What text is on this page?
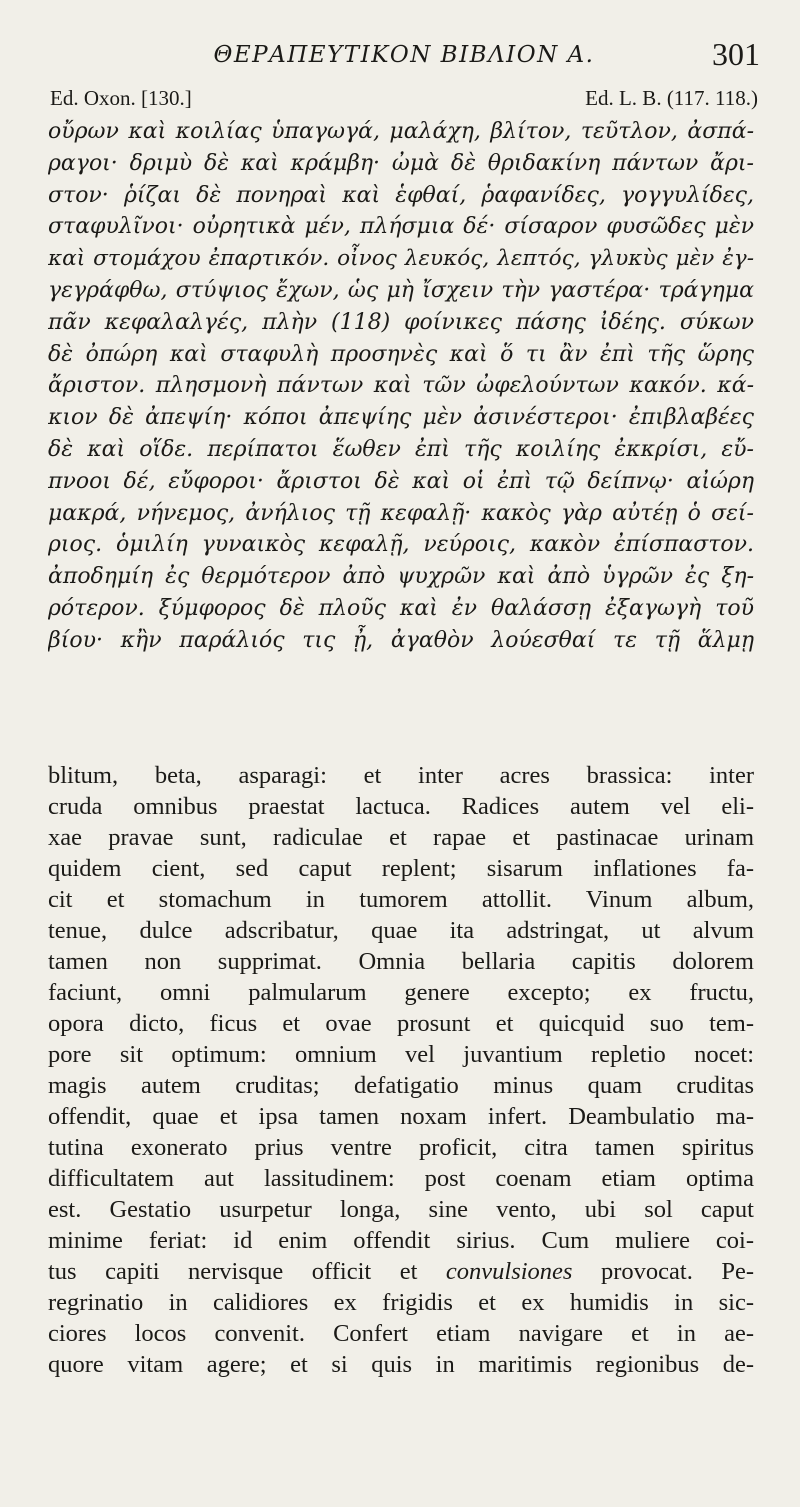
ΘΕΡΑΠΕΥΤΙΚΟΝ ΒΙΒΛΙΟΝ Α.	301
Ed. Oxon. [130.]	Ed. L. B. (117. 118.)
οὔρων καὶ κοιλίας ὑπαγωγά, μαλάχη, βλίτον, τεῦτλον, ἀσπά-
ραγοι· δριμὺ δὲ καὶ κράμβη· ὠμὰ δὲ θριδακίνη πάντων ἄρι-
στον· ῥίζαι δὲ πονηραὶ καὶ ἑφθαί, ῥαφανίδες, γογγυλίδες,
σταφυλῖνοι· οὐρητικὰ μέν, πλήσμια δέ· σίσαρον φυσῶδες μὲν
καὶ στομάχου ἐπαρτικόν. οἶνος λευκός, λεπτός, γλυκὺς μὲν ἐγ-
γεγράφθω, στύψιος ἔχων, ὡς μὴ ἴσχειν τὴν γαστέρα· τράγημα
πᾶν κεφαλαλγές, πλὴν (118) φοίνικες πάσης ἰδέης. σύκων
δὲ ὀπώρη καὶ σταφυλὴ προσηνὲς καὶ ὅ τι ἂν ἐπὶ τῆς ὥρης
ἄριστον. πλησμονὴ πάντων καὶ τῶν ὠφελούντων κακόν. κά-
κιον δὲ ἀπεψίη· κόποι ἀπεψίης μὲν ἀσινέστεροι· ἐπιβλαβέες
δὲ καὶ οἵδε. περίπατοι ἕωθεν ἐπὶ τῆς κοιλίης ἐκκρίσι, εὔ-
πνοοι δέ, εὔφοροι· ἄριστοι δὲ καὶ οἱ ἐπὶ τῷ δείπνῳ· αἰώρη
μακρά, νήνεμος, ἀνήλιος τῇ κεφαλῇ· κακὸς γὰρ αὐτέῃ ὁ σεί-
ριος. ὁμιλίη γυναικὸς κεφαλῇ, νεύροις, κακὸν ἐπίσπαστον.
ἀποδημίη ἐς θερμότερον ἀπὸ ψυχρῶν καὶ ἀπὸ ὑγρῶν ἐς ξη-
ρότερον. ξύμφορος δὲ πλοῦς καὶ ἐν θαλάσσῃ ἐξαγωγὴ τοῦ
βίου· κἢν παράλιός τις ᾖ, ἀγαθὸν λούεσθαί τε τῇ ἅλμῃ
blitum, beta, asparagi: et inter acres brassica: inter
cruda omnibus praestat lactuca. Radices autem vel eli-
xae pravae sunt, radiculae et rapae et pastinacae urinam
quidem cient, sed caput replent; sisarum inflationes fa-
cit et stomachum in tumorem attollit. Vinum album,
tenue, dulce adscribatur, quae ita adstringat, ut alvum
tamen non supprimat. Omnia bellaria capitis dolorem
faciunt, omni palmularum genere excepto; ex fructu,
opora dicto, ficus et ovae prosunt et quicquid suo tem-
pore sit optimum: omnium vel juvantium repletio nocet:
magis autem cruditas; defatigatio minus quam cruditas
offendit, quae et ipsa tamen noxam infert. Deambulatio ma-
tutina exonerato prius ventre proficit, citra tamen spiritus
difficultatem aut lassitudinem: post coenam etiam optima
est. Gestatio usurpetur longa, sine vento, ubi sol caput
minime feriat: id enim offendit sirius. Cum muliere coi-
tus capiti nervisque officit et convulsiones provocat. Pe-
regrinatio in calidiores ex frigidis et ex humidis in sic-
ciores locos convenit. Confert etiam navigare et in ae-
quore vitam agere; et si quis in maritimis regionibus de-
